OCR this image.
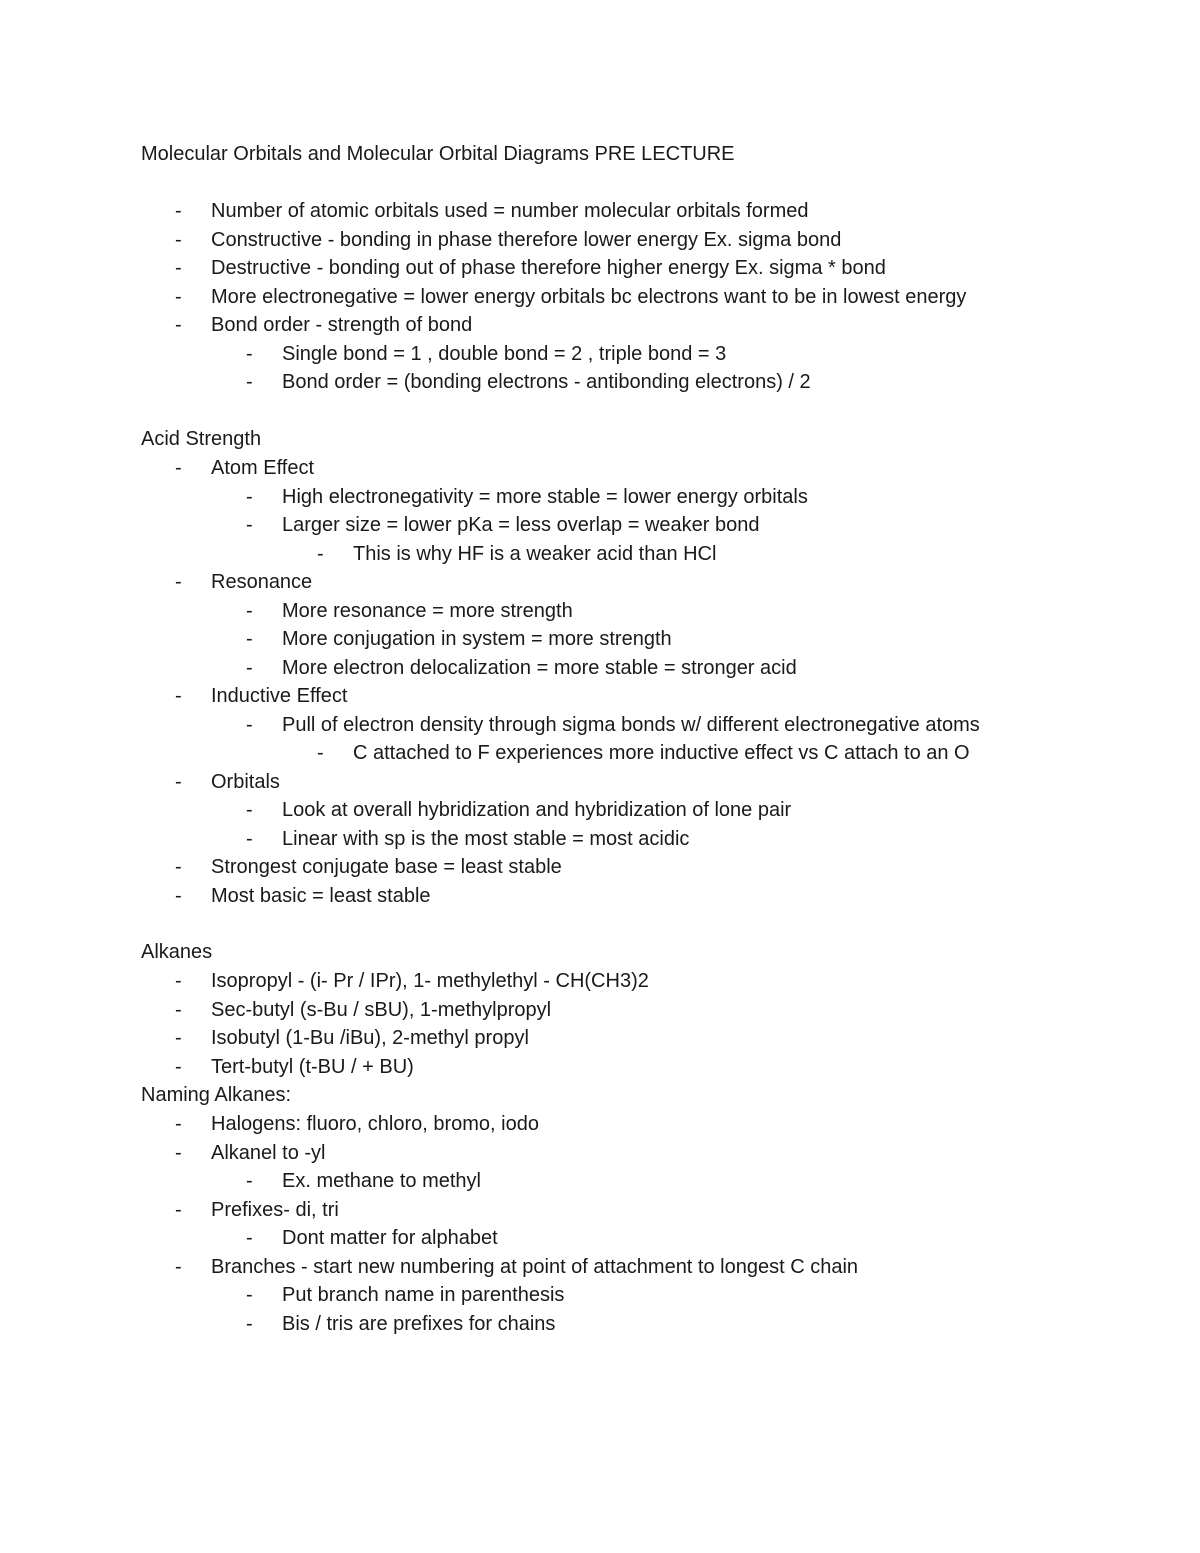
Molecular Orbitals and Molecular Orbital Diagrams PRE LECTURE
- Number of atomic orbitals used = number molecular orbitals formed
- Constructive - bonding in phase therefore lower energy Ex. sigma bond
- Destructive - bonding out of phase therefore higher energy Ex. sigma * bond
- More electronegative = lower energy orbitals bc electrons want to be in lowest energy
- Bond order - strength of bond
- Single bond = 1 , double bond = 2 , triple bond = 3
- Bond order = (bonding electrons - antibonding electrons) / 2
Acid Strength
- Atom Effect
- High electronegativity = more stable = lower energy orbitals
- Larger size = lower pKa = less overlap = weaker bond
- This is why HF is a weaker acid than HCl
- Resonance
- More resonance = more strength
- More conjugation in system = more strength
- More electron delocalization = more stable = stronger acid
- Inductive Effect
- Pull of electron density through sigma bonds w/ different electronegative atoms
- C attached to F experiences more inductive effect vs C attach to an O
- Orbitals
- Look at overall hybridization and hybridization of lone pair
- Linear with sp is the most stable = most acidic
- Strongest conjugate base = least stable
- Most basic = least stable
Alkanes
- Isopropyl - (i- Pr / IPr), 1- methylethyl - CH(CH3)2
- Sec-butyl (s-Bu / sBU), 1-methylpropyl
- Isobutyl (1-Bu /iBu), 2-methyl propyl
- Tert-butyl (t-BU / + BU)
Naming Alkanes:
- Halogens: fluoro, chloro, bromo, iodo
- Alkanel to -yl
- Ex. methane to methyl
- Prefixes- di, tri
- Dont matter for alphabet
- Branches - start new numbering at point of attachment to longest C chain
- Put branch name in parenthesis
- Bis / tris are prefixes for chains
